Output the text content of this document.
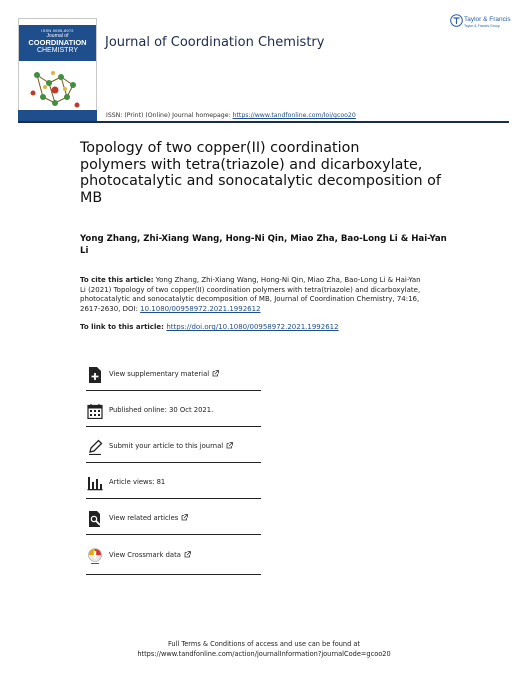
ISSN 0095-8972
Journal of
COORDINATION
CHEMISTRY
Journal of Coordination Chemistry
Taylor & Francis
Taylor & Francis Group
ISSN: (Print) (Online) Journal homepage: https://www.tandfonline.com/loi/gcoo20
Topology of two copper(II) coordination
polymers with tetra(triazole) and dicarboxylate,
photocatalytic and sonocatalytic decomposition of
MB
Yong Zhang, Zhi-Xiang Wang, Hong-Ni Qin, Miao Zha, Bao-Long Li & Hai-Yan
Li
To cite this article: Yong Zhang, Zhi-Xiang Wang, Hong-Ni Qin, Miao Zha, Bao-Long Li & Hai-Yan
Li (2021) Topology of two copper(II) coordination polymers with tetra(triazole) and dicarboxylate,
photocatalytic and sonocatalytic decomposition of MB, Journal of Coordination Chemistry, 74:16,
2617-2630, DOI: 10.1080/00958972.2021.1992612
To link to this article: https://doi.org/10.1080/00958972.2021.1992612
View supplementary material
Published online: 30 Oct 2021.
Submit your article to this journal
Article views: 81
View related articles
View Crossmark data
Full Terms & Conditions of access and use can be found at
https://www.tandfonline.com/action/journalInformation?journalCode=gcoo20
